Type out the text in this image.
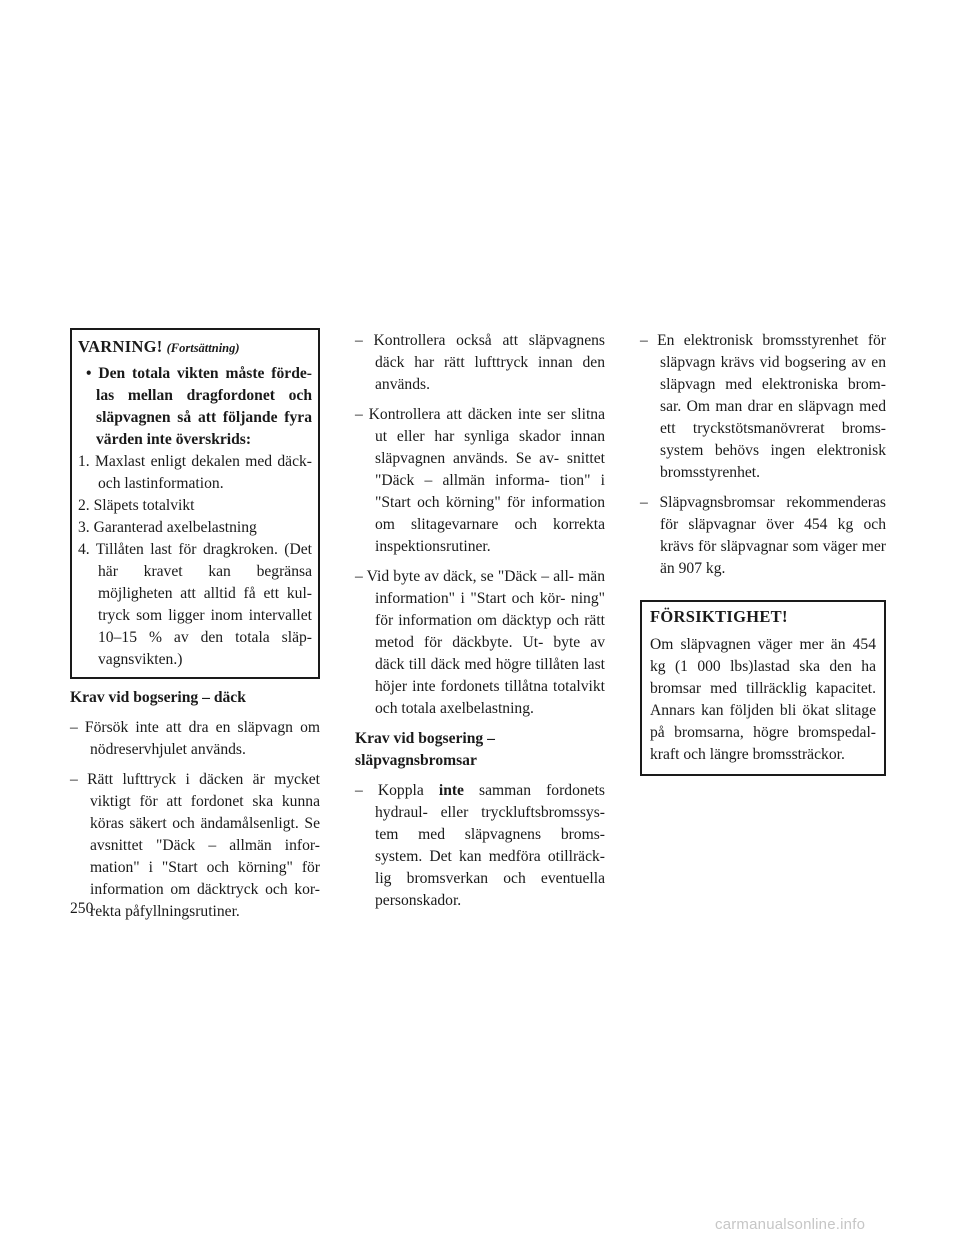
VARNING! (Fortsättning)

• Den totala vikten måste förde- las mellan dragfordonet och släpvagnen så att följande fyra värden inte överskrids:

1. Maxlast enligt dekalen med däck- och lastinformation.

2. Släpets totalvikt

3. Garanterad axelbelastning

4. Tillåten last för dragkroken. (Det här kravet kan begränsa möjligheten att alltid få ett kul- tryck som ligger inom intervallet 10–15 % av den totala släp- vagnsvikten.)

Krav vid bogsering – däck

– Försök inte att dra en släpvagn om nödreservhjulet används.

– Rätt lufttryck i däcken är mycket viktigt för att fordonet ska kunna köras säkert och ändamålsenligt. Se avsnittet "Däck – allmän infor- mation" i "Start och körning" för information om däcktryck och kor- rekta påfyllningsrutiner.

– Kontrollera också att släpvagnens däck har rätt lufttryck innan den används.

– Kontrollera att däcken inte ser slitna ut eller har synliga skador innan släpvagnen används. Se av- snittet "Däck – allmän informa- tion" i "Start och körning" för information om slitagevarnare och korrekta inspektionsrutiner.

– Vid byte av däck, se "Däck – all- män information" i "Start och kör- ning" för information om däcktyp och rätt metod för däckbyte. Ut- byte av däck till däck med högre tillåten last höjer inte fordonets tillåtna totalvikt och totala axelbelastning.

Krav vid bogsering –
släpvagnsbromsar

– Koppla inte samman fordonets hydraul- eller tryckluftsbromssys- tem med släpvagnens broms- system. Det kan medföra otillräck- lig bromsverkan och eventuella personskador.

– En elektronisk bromsstyrenhet för släpvagn krävs vid bogsering av en släpvagn med elektroniska brom- sar. Om man drar en släpvagn med ett tryckstötsmanövrerat broms- system behövs ingen elektronisk bromsstyrenhet.

– Släpvagnsbromsar rekommenderas för släpvagnar över 454 kg och krävs för släpvagnar som väger mer än 907 kg.

FÖRSIKTIGHET!

Om släpvagnen väger mer än 454 kg (1 000 lbs)lastad ska den ha bromsar med tillräcklig kapacitet. Annars kan följden bli ökat slitage på bromsarna, högre bromspedal- kraft och längre bromssträckor.

250
carmanualsonline.info
